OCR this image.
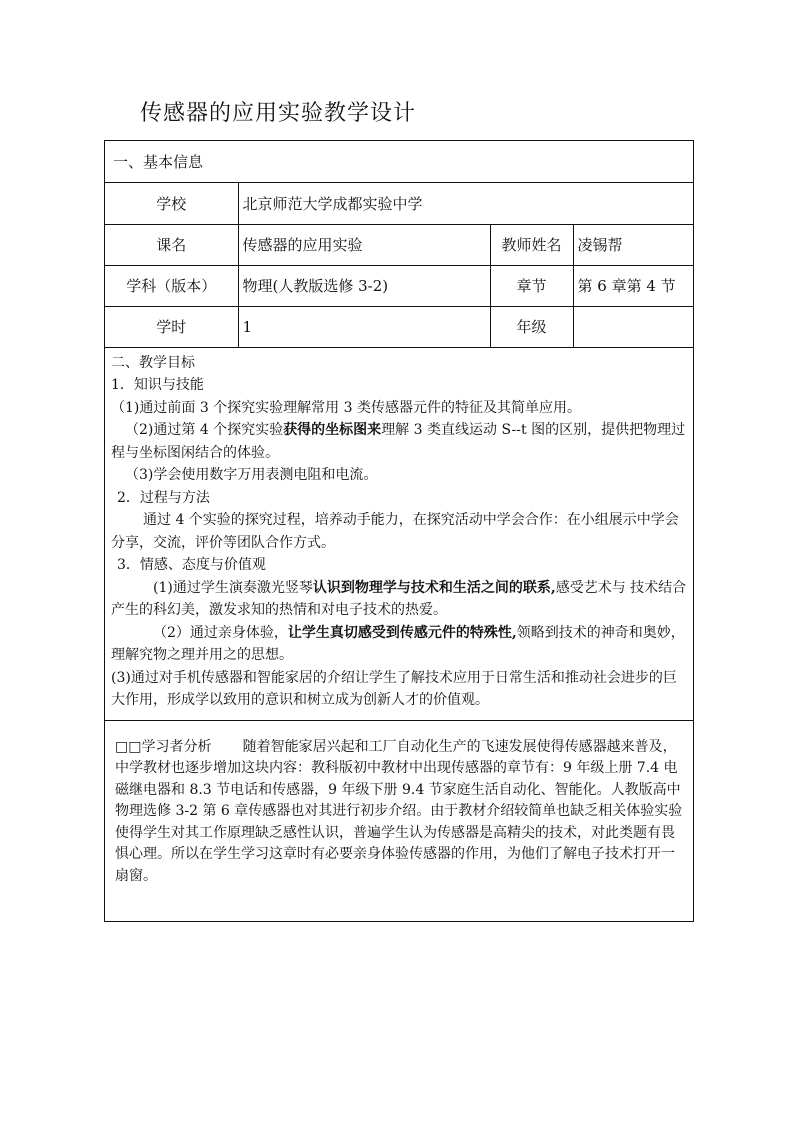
传感器的应用实验教学设计
一、基本信息
学校	北京师范大学成都实验中学		
课名	传感器的应用实验	教师姓名	凌锡帮
学科（版本）	物理(人教版选修 3-2)	章节	第 6 章第 4 节
学时	1	年级	

二、教学目标

1．知识与技能

（1)通过前面 3 个探究实验理解常用 3 类传感器元件的特征及其简单应用。

（2)通过第 4 个探究实验获得的坐标图来理解 3 类直线运动 S--t 图的区别，提供把物理过程与坐标图闲结合的体验。

（3)学会使用数字万用表测电阻和电流。

2．过程与方法

通过 4 个实验的探究过程，培养动手能力，在探究活动中学会合作：在小组展示中学会分享，交流，评价等团队合作方式。

3．情感、态度与价值观

(1)通过学生演奏激光竖琴认识到物理学与技术和生活之间的联系,感受艺术与 技术结合产生的科幻美，激发求知的热情和对电子技术的热爱。

（2）通过亲身体验，让学生真切感受到传感元件的特殊性,领略到技术的神奇和奥妙，理解究物之理并用之的思想。

(3)通过对手机传感器和智能家居的介绍让学生了解技术应用于日常生活和推动社会进步的巨大作用，形成学以致用的意识和树立成为创新人才的价值观。

□□学习者分析 随着智能家居兴起和工厂自动化生产的飞速发展使得传感器越来普及，中学教材也逐步增加这块内容：教科版初中教材中出现传感器的章节有：9 年级上册 7.4 电磁继电器和 8.3 节电话和传感器，9 年级下册 9.4 节家庭生活自动化、智能化。人教版高中物理选修 3-2 第 6 章传感器也对其进行初步介绍。由于教材介绍较简单也缺乏相关体验实验使得学生对其工作原理缺乏感性认识，普遍学生认为传感器是高精尖的技术，对此类题有畏惧心理。所以在学生学习这章时有必要亲身体验传感器的作用，为他们了解电子技术打开一扇窗。
